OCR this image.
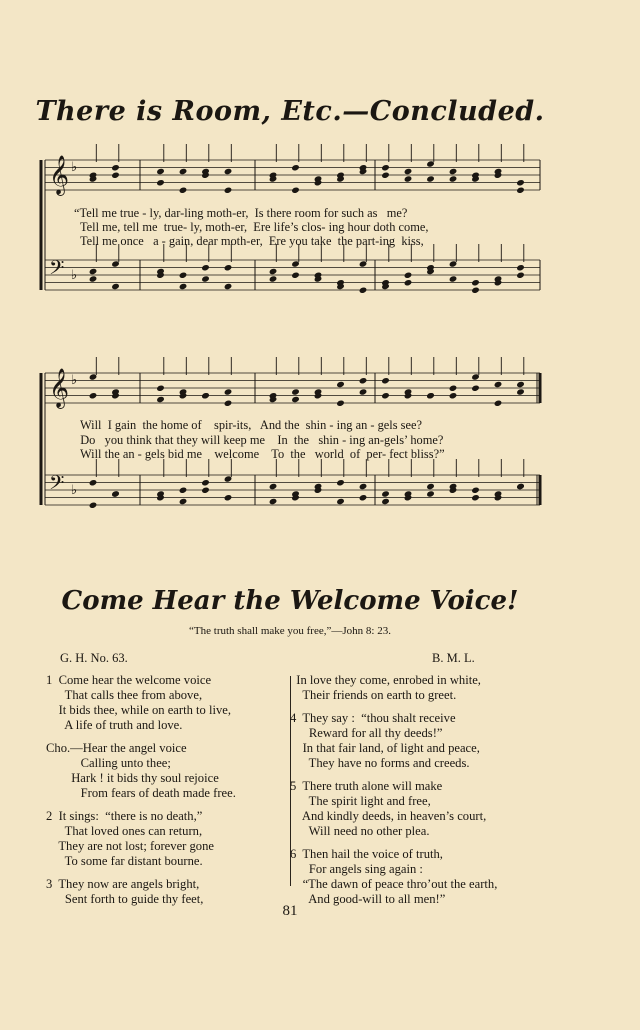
There is Room, Etc.—Concluded.
𝄞
𝄢
♭
♭
𝄞
𝄢
♭
♭
“Tell me true - ly, dar-ling moth-er,  Is there room for such as   me?
Tell me, tell me  true- ly, moth-er,  Ere life’s clos- ing hour doth come,
Tell me once   a - gain, dear moth-er,  Ere you take  the part-ing  kiss,
Will  I gain  the home of    spir-its,   And the  shin - ing an - gels see?
Do   you think that they will keep me    In  the   shin - ing an-gels’ home?
Will the an - gels bid me    welcome    To  the   world  of  per- fect bliss?”
Come Hear the Welcome Voice!
“The truth shall make you free,”—John 8: 23.
G. H. No. 63.	B. M. L.
1  Come hear the welcome voice
That calls thee from above,
It bids thee, while on earth to live,
A life of truth and love.
Cho.—Hear the angel voice
Calling unto thee;
Hark ! it bids thy soul rejoice
From fears of death made free.
2  It sings:  “there is no death,”
That loved ones can return,
They are not lost; forever gone
To some far distant bourne.
3  They now are angels bright,
Sent forth to guide thy feet,
In love they come, enrobed in white,
Their friends on earth to greet.
4  They say :  “thou shalt receive
Reward for all thy deeds!”
In that fair land, of light and peace,
They have no forms and creeds.
5  There truth alone will make
The spirit light and free,
And kindly deeds, in heaven’s court,
Will need no other plea.
6  Then hail the voice of truth,
For angels sing again :
“The dawn of peace thro’out the earth,
And good-will to all men!”
81
